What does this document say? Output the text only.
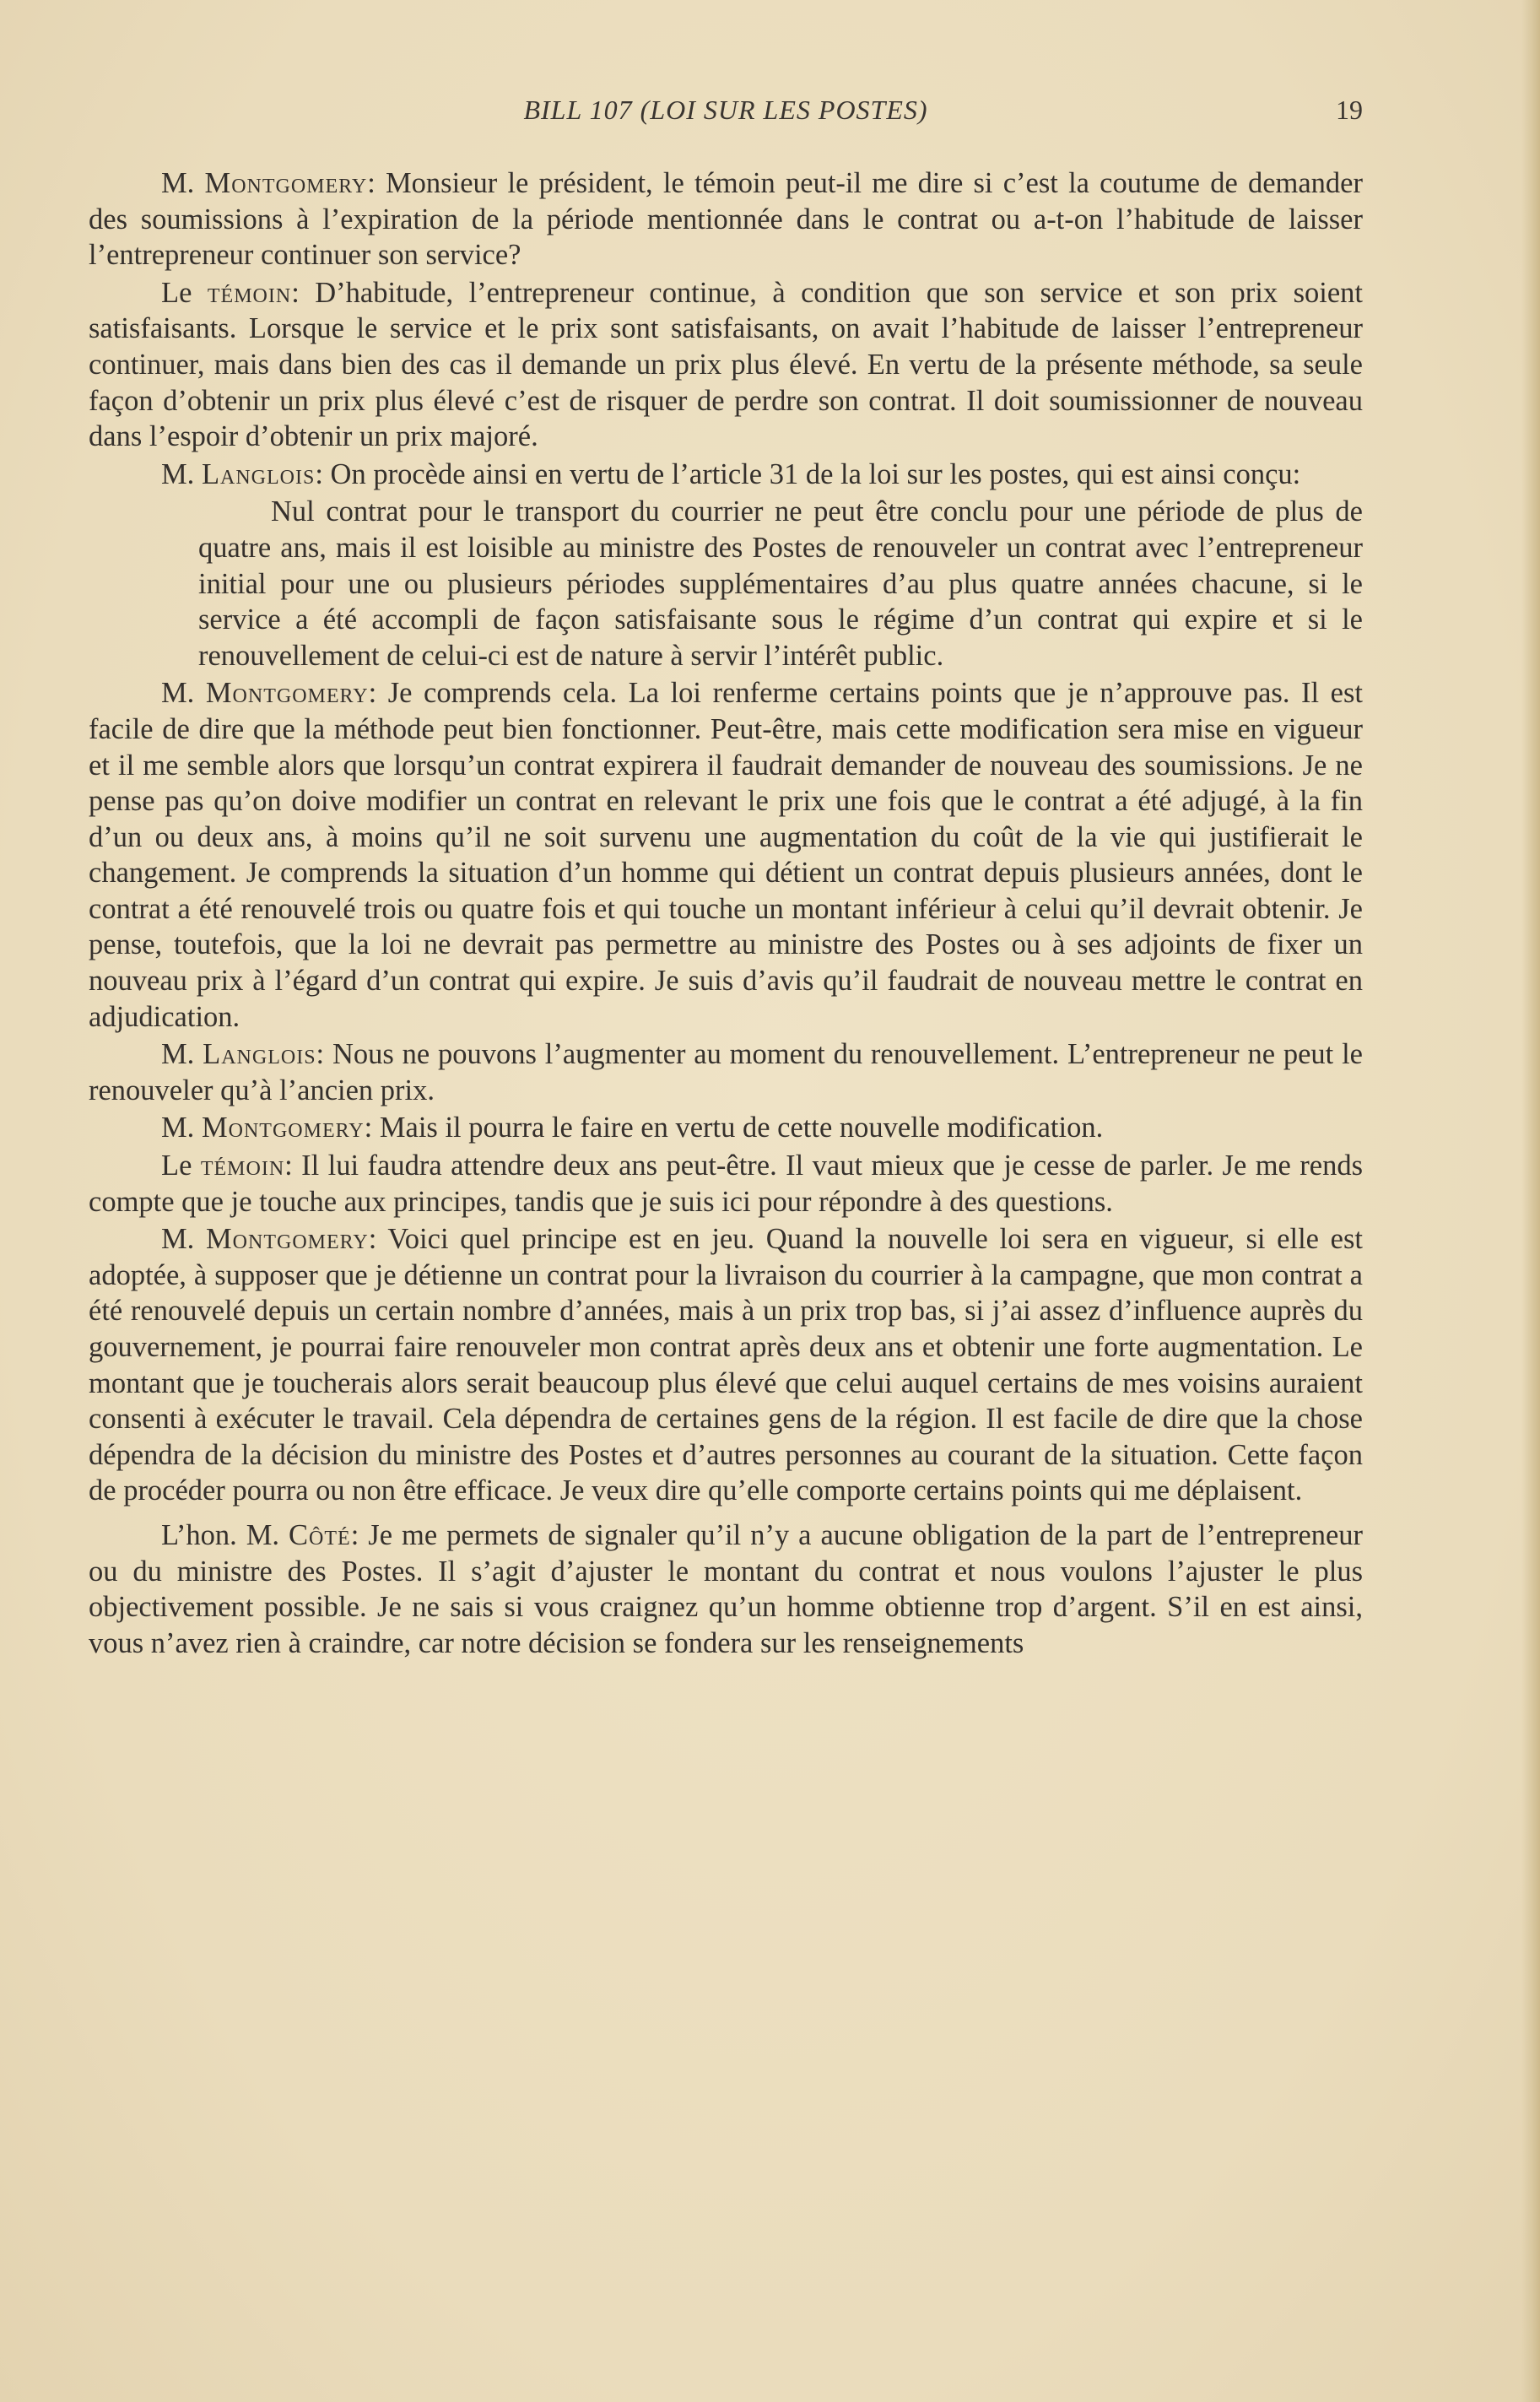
BILL 107 (LOI SUR LES POSTES)	19

M. Montgomery: Monsieur le président, le témoin peut-il me dire si c’est la coutume de demander des soumissions à l’expiration de la période mentionnée dans le contrat ou a-t-on l’habitude de laisser l’entrepreneur continuer son service?

Le témoin: D’habitude, l’entrepreneur continue, à condition que son service et son prix soient satisfaisants. Lorsque le service et le prix sont satisfaisants, on avait l’habitude de laisser l’entrepreneur continuer, mais dans bien des cas il demande un prix plus élevé. En vertu de la présente méthode, sa seule façon d’obtenir un prix plus élevé c’est de risquer de perdre son contrat. Il doit soumissionner de nouveau dans l’espoir d’obtenir un prix majoré.

M. Langlois: On procède ainsi en vertu de l’article 31 de la loi sur les postes, qui est ainsi conçu:

Nul contrat pour le transport du courrier ne peut être conclu pour une période de plus de quatre ans, mais il est loisible au ministre des Postes de renouveler un contrat avec l’entrepreneur initial pour une ou plusieurs périodes supplémentaires d’au plus quatre années chacune, si le service a été accompli de façon satisfaisante sous le régime d’un contrat qui expire et si le renouvellement de celui-ci est de nature à servir l’intérêt public.

M. Montgomery: Je comprends cela. La loi renferme certains points que je n’approuve pas. Il est facile de dire que la méthode peut bien fonctionner. Peut-être, mais cette modification sera mise en vigueur et il me semble alors que lorsqu’un contrat expirera il faudrait demander de nouveau des soumissions. Je ne pense pas qu’on doive modifier un contrat en relevant le prix une fois que le contrat a été adjugé, à la fin d’un ou deux ans, à moins qu’il ne soit survenu une augmentation du coût de la vie qui justifierait le changement. Je comprends la situation d’un homme qui détient un contrat depuis plusieurs années, dont le contrat a été renouvelé trois ou quatre fois et qui touche un montant inférieur à celui qu’il devrait obtenir. Je pense, toutefois, que la loi ne devrait pas permettre au ministre des Postes ou à ses adjoints de fixer un nouveau prix à l’égard d’un contrat qui expire. Je suis d’avis qu’il faudrait de nouveau mettre le contrat en adjudication.

M. Langlois: Nous ne pouvons l’augmenter au moment du renouvellement. L’entrepreneur ne peut le renouveler qu’à l’ancien prix.

M. Montgomery: Mais il pourra le faire en vertu de cette nouvelle modification.

Le témoin: Il lui faudra attendre deux ans peut-être. Il vaut mieux que je cesse de parler. Je me rends compte que je touche aux principes, tandis que je suis ici pour répondre à des questions.

M. Montgomery: Voici quel principe est en jeu. Quand la nouvelle loi sera en vigueur, si elle est adoptée, à supposer que je détienne un contrat pour la livraison du courrier à la campagne, que mon contrat a été renouvelé depuis un certain nombre d’années, mais à un prix trop bas, si j’ai assez d’influence auprès du gouvernement, je pourrai faire renouveler mon contrat après deux ans et obtenir une forte augmentation. Le montant que je toucherais alors serait beaucoup plus élevé que celui auquel certains de mes voisins auraient consenti à exécuter le travail. Cela dépendra de certaines gens de la région. Il est facile de dire que la chose dépendra de la décision du ministre des Postes et d’autres personnes au courant de la situation. Cette façon de procéder pourra ou non être efficace. Je veux dire qu’elle comporte certains points qui me déplaisent.

L’hon. M. Côté: Je me permets de signaler qu’il n’y a aucune obligation de la part de l’entrepreneur ou du ministre des Postes. Il s’agit d’ajuster le montant du contrat et nous voulons l’ajuster le plus objectivement possible. Je ne sais si vous craignez qu’un homme obtienne trop d’argent. S’il en est ainsi, vous n’avez rien à craindre, car notre décision se fondera sur les renseignements
